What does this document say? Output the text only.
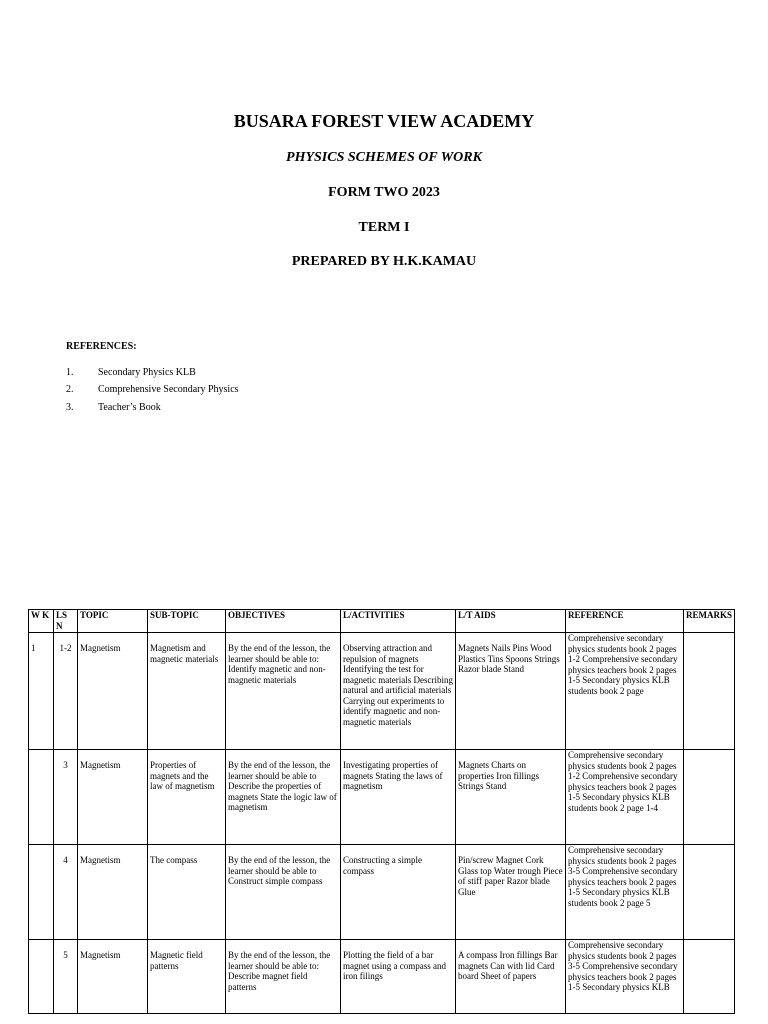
BUSARA FOREST VIEW ACADEMY
PHYSICS SCHEMES OF WORK
FORM TWO 2023
TERM I
PREPARED BY H.K.KAMAU
REFERENCES:
1. Secondary Physics KLB
2. Comprehensive Secondary Physics
3. Teacher’s Book
W K	LS N	TOPIC	SUB-TOPIC	OBJECTIVES	L/ACTIVITIES	L/T AIDS	REFERENCE	REMARKS
1	1-2	Magnetism	Magnetism and magnetic materials	By the end of the lesson, the learner should be able to: Identify magnetic and non-magnetic materials	Observing attraction and repulsion of magnets Identifying the test for magnetic materials Describing natural and artificial materials Carrying out experiments to identify magnetic and non-magnetic materials	Magnets Nails Pins Wood Plastics Tins Spoons Strings Razor blade Stand	Comprehensive secondary physics students book 2 pages 1-2 Comprehensive secondary physics teachers book 2 pages 1-5 Secondary physics KLB students book 2 page	
	3	Magnetism	Properties of magnets and the law of magnetism	By the end of the lesson, the learner should be able to Describe the properties of magnets State the logic law of magnetism	Investigating properties of magnets Stating the laws of magnetism	Magnets Charts on properties Iron fillings Strings Stand	Comprehensive secondary physics students book 2 pages 1-2 Comprehensive secondary physics teachers book 2 pages 1-5 Secondary physics KLB students book 2 page 1-4	
	4	Magnetism	The compass	By the end of the lesson, the learner should be able to Construct simple compass	Constructing a simple compass	Pin/screw Magnet Cork Glass top Water trough Piece of stiff paper Razor blade Glue	Comprehensive secondary physics students book 2 pages 3-5 Comprehensive secondary physics teachers book 2 pages 1-5 Secondary physics KLB students book 2 page 5	
	5	Magnetism	Magnetic field patterns	By the end of the lesson, the learner should be able to: Describe magnet field patterns	Plotting the field of a bar magnet using a compass and iron filings	A compass Iron fillings Bar magnets Can with lid Card board Sheet of papers	Comprehensive secondary physics students book 2 pages 3-5 Comprehensive secondary physics teachers book 2 pages 1-5 Secondary physics KLB	
